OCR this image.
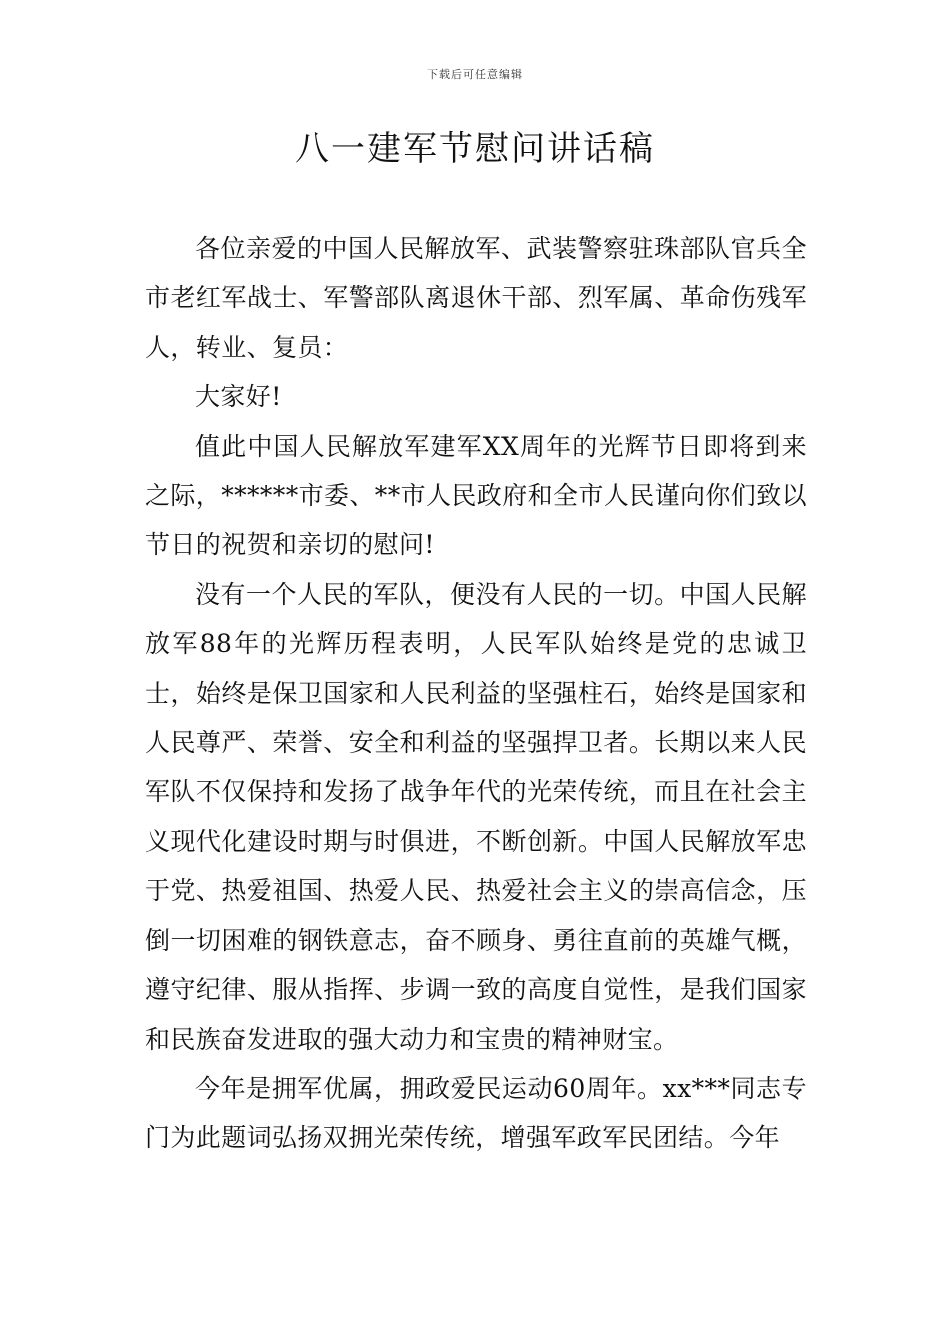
下载后可任意编辑
八一建军节慰问讲话稿

各位亲爱的中国人民解放军、武装警察驻珠部队官兵全市老红军战士、军警部队离退休干部、烈军属、革命伤残军人，转业、复员：

大家好!

值此中国人民解放军建军XX周年的光辉节日即将到来之际，******市委、**市人民政府和全市人民谨向你们致以节日的祝贺和亲切的慰问!

没有一个人民的军队，便没有人民的一切。中国人民解放军88年的光辉历程表明，人民军队始终是党的忠诚卫士，始终是保卫国家和人民利益的坚强柱石，始终是国家和人民尊严、荣誉、安全和利益的坚强捍卫者。长期以来人民军队不仅保持和发扬了战争年代的光荣传统，而且在社会主义现代化建设时期与时俱进，不断创新。中国人民解放军忠于党、热爱祖国、热爱人民、热爱社会主义的崇高信念，压倒一切困难的钢铁意志，奋不顾身、勇往直前的英雄气概，遵守纪律、服从指挥、步调一致的高度自觉性，是我们国家和民族奋发进取的强大动力和宝贵的精神财宝。

今年是拥军优属，拥政爱民运动60周年。xx***同志专门为此题词弘扬双拥光荣传统，增强军政军民团结。今年
